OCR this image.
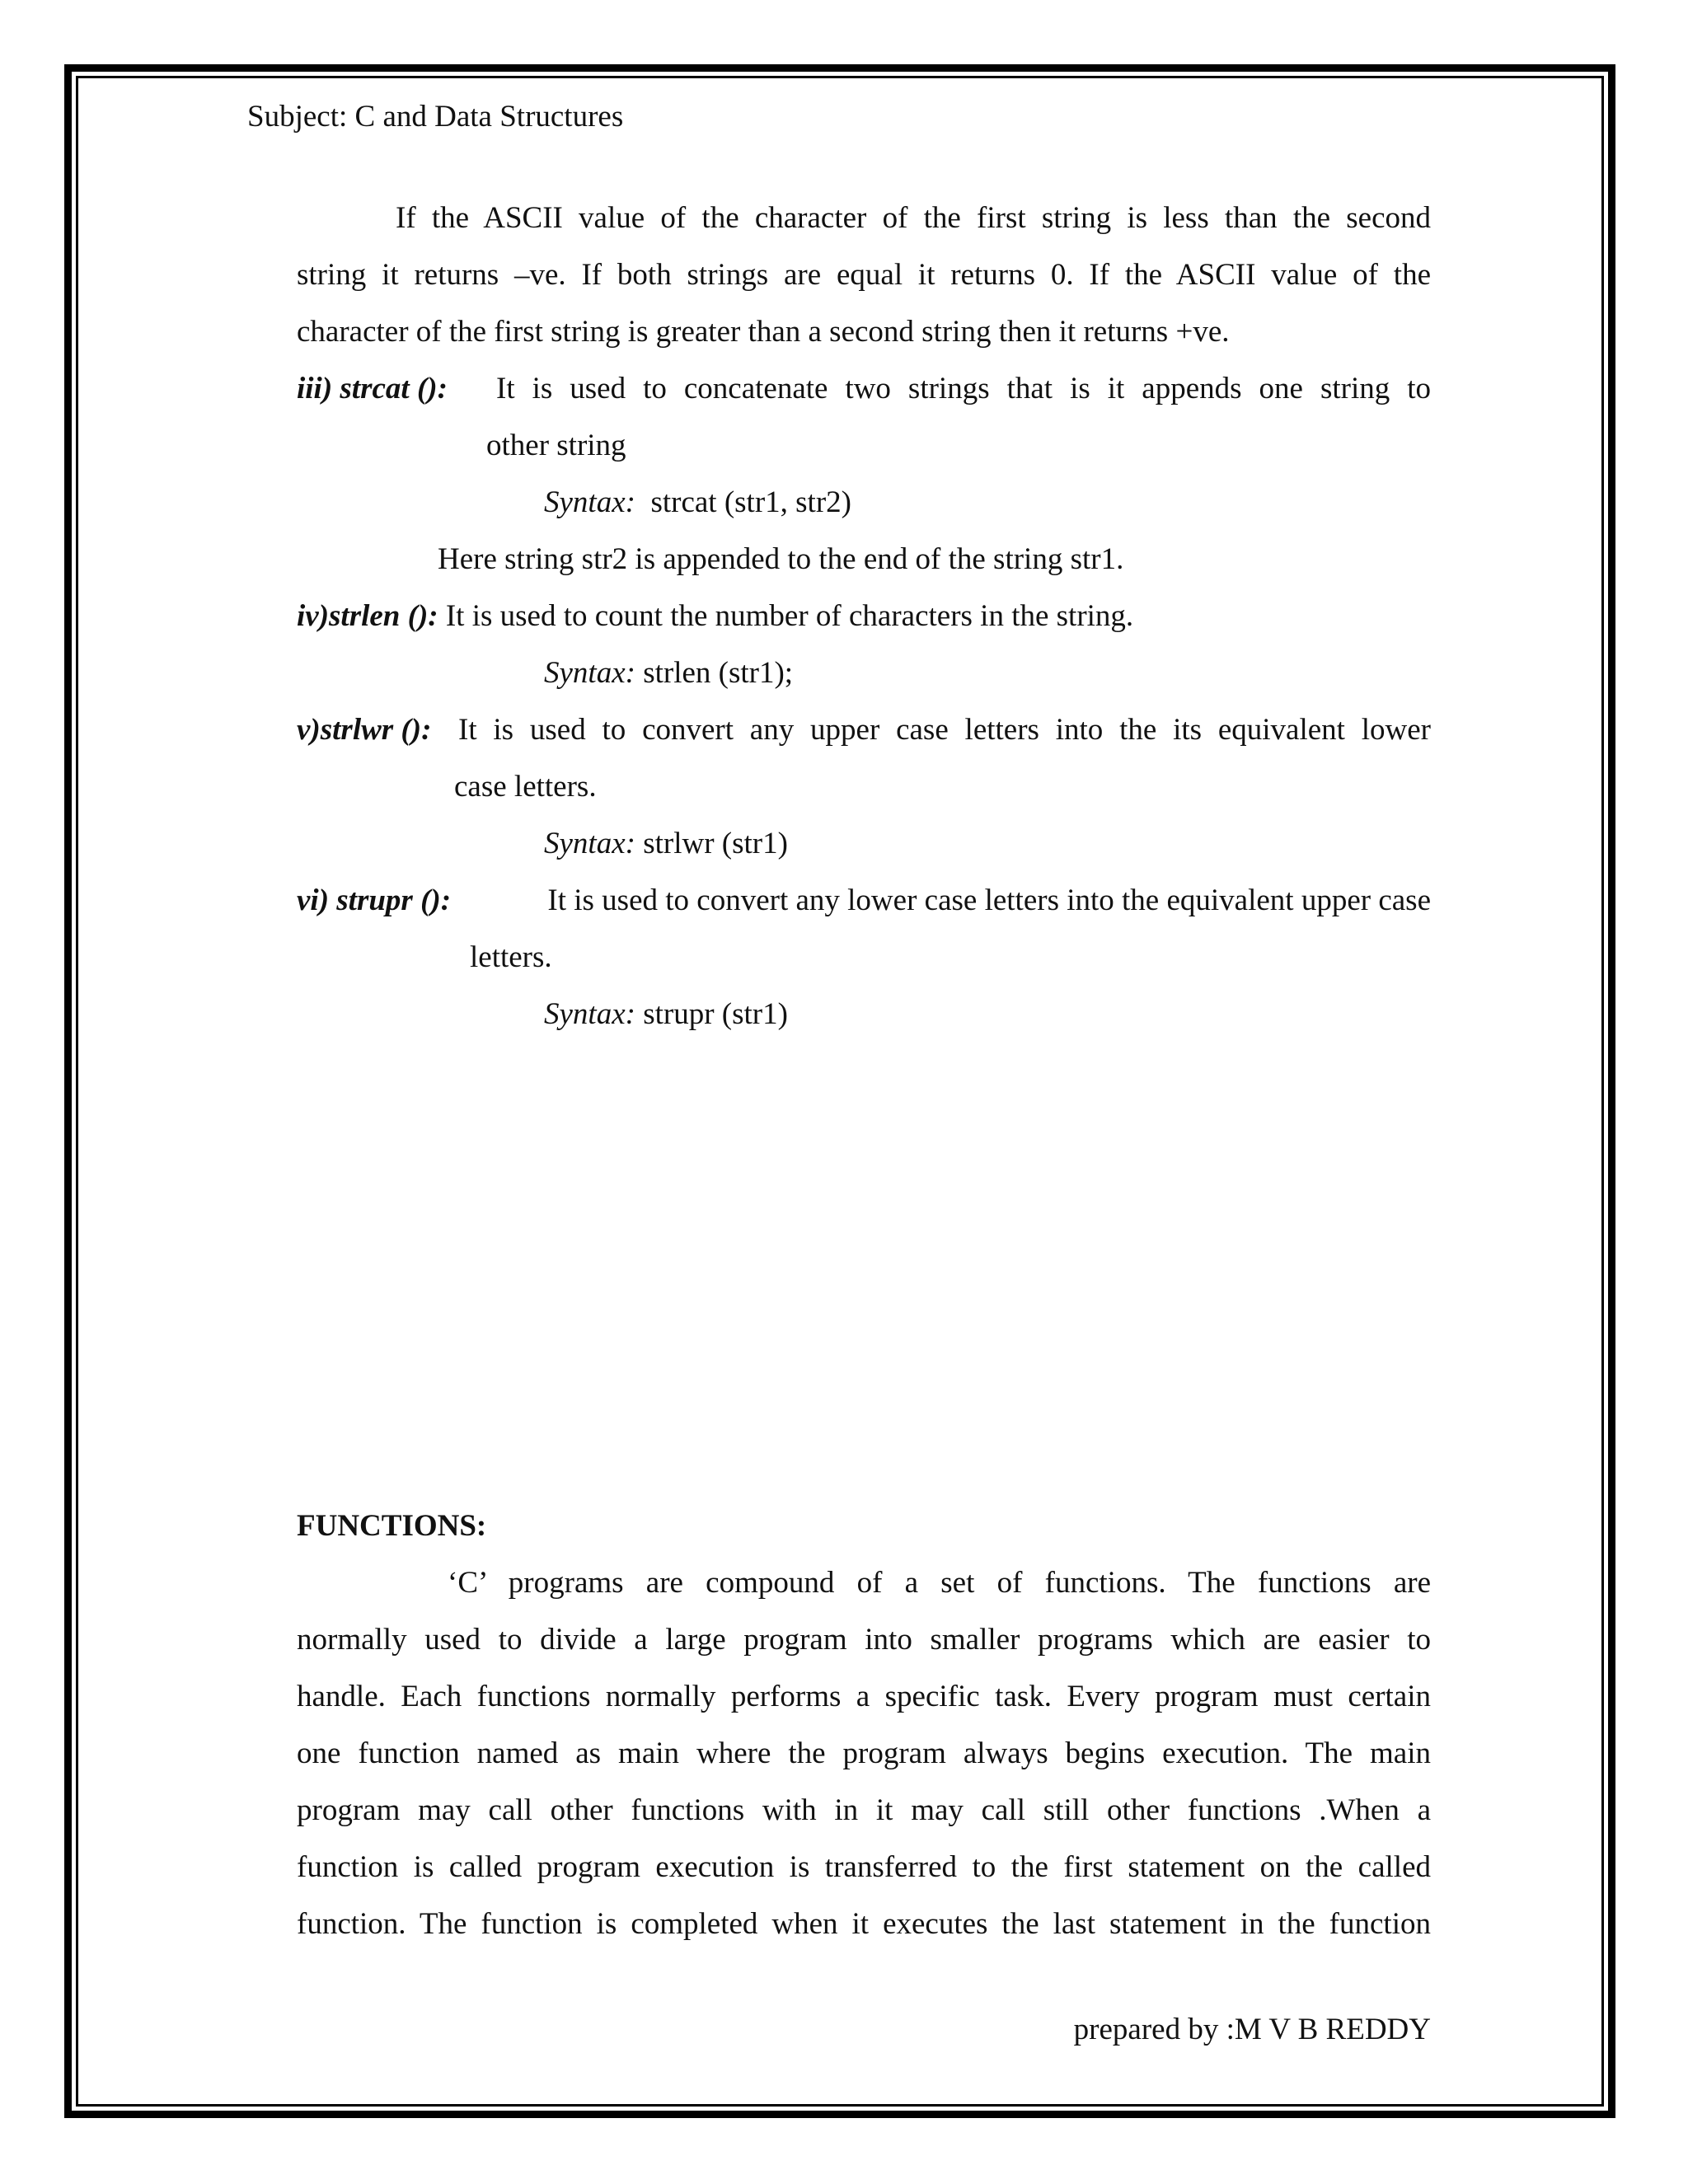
Subject: C and Data Structures
If the ASCII value of the character of the first string is less than the second
string it returns –ve. If both strings are equal it returns 0. If the ASCII value of the
character of the first string is greater than a second string then it returns +ve.
iii) strcat (): It is used to concatenate two strings that is it appends one string to
other string
Syntax: strcat (str1, str2)
Here string str2 is appended to the end of the string str1.
iv)strlen (): It is used to count the number of characters in the string.
Syntax: strlen (str1);
v)strlwr (): It is used to convert any upper case letters into the its equivalent lower
case letters.
Syntax: strlwr (str1)
vi) strupr ():	It is used to convert any lower case letters into the equivalent upper case
letters.
Syntax: strupr (str1)
FUNCTIONS:
‘C’ programs are compound of a set of functions. The functions are
normally used to divide a large program into smaller programs which are easier to
handle. Each functions normally performs a specific task. Every program must certain
one function named as main where the program always begins execution. The main
program may call other functions with in it may call still other functions .When a
function is called program execution is transferred to the first statement on the called
function. The function is completed when it executes the last statement in the function
prepared by :M V B REDDY
